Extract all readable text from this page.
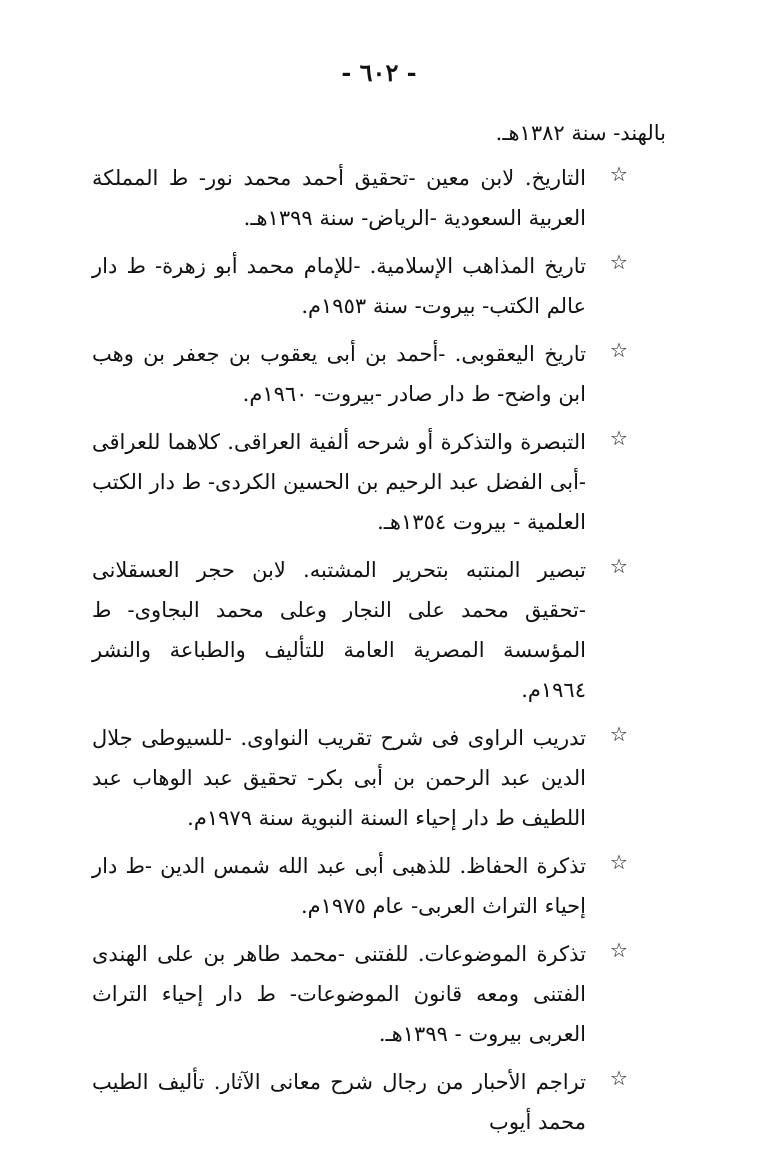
- ٦٠٢ -
بالهند- سنة ١٣٨٢هـ.
☆
التاريخ. لابن معين -تحقيق أحمد محمد نور- ط المملكة العربية السعودية -الرياض- سنة ١٣٩٩هـ.
☆
تاريخ المذاهب الإسلامية. -للإمام محمد أبو زهرة- ط دار عالم الكتب- بيروت- سنة ١٩٥٣م.
☆
تاريخ اليعقوبى. -أحمد بن أبى يعقوب بن جعفر بن وهب ابن واضح- ط دار صادر -بيروت- ١٩٦٠م.
☆
التبصرة والتذكرة أو شرحه ألفية العراقى. كلاهما للعراقى -أبى الفضل عبد الرحيم بن الحسين الكردى- ط دار الكتب العلمية - بيروت ١٣٥٤هـ.
☆
تبصير المنتبه بتحرير المشتبه. لابن حجر العسقلانى -تحقيق محمد على النجار وعلى محمد البجاوى- ط المؤسسة المصرية العامة للتأليف والطباعة والنشر ١٩٦٤م.
☆
تدريب الراوى فى شرح تقريب النواوى. -للسيوطى جلال الدين عبد الرحمن بن أبى بكر- تحقيق عبد الوهاب عبد اللطيف ط دار إحياء السنة النبوية سنة ١٩٧٩م.
☆
تذكرة الحفاظ. للذهبى أبى عبد الله شمس الدين -ط دار إحياء التراث العربى- عام ١٩٧٥م.
☆
تذكرة الموضوعات. للفتنى -محمد طاهر بن على الهندى الفتنى ومعه قانون الموضوعات- ط دار إحياء التراث العربى بيروت - ١٣٩٩هـ.
☆
تراجم الأحبار من رجال شرح معانى الآثار. تأليف الطيب محمد أيوب
